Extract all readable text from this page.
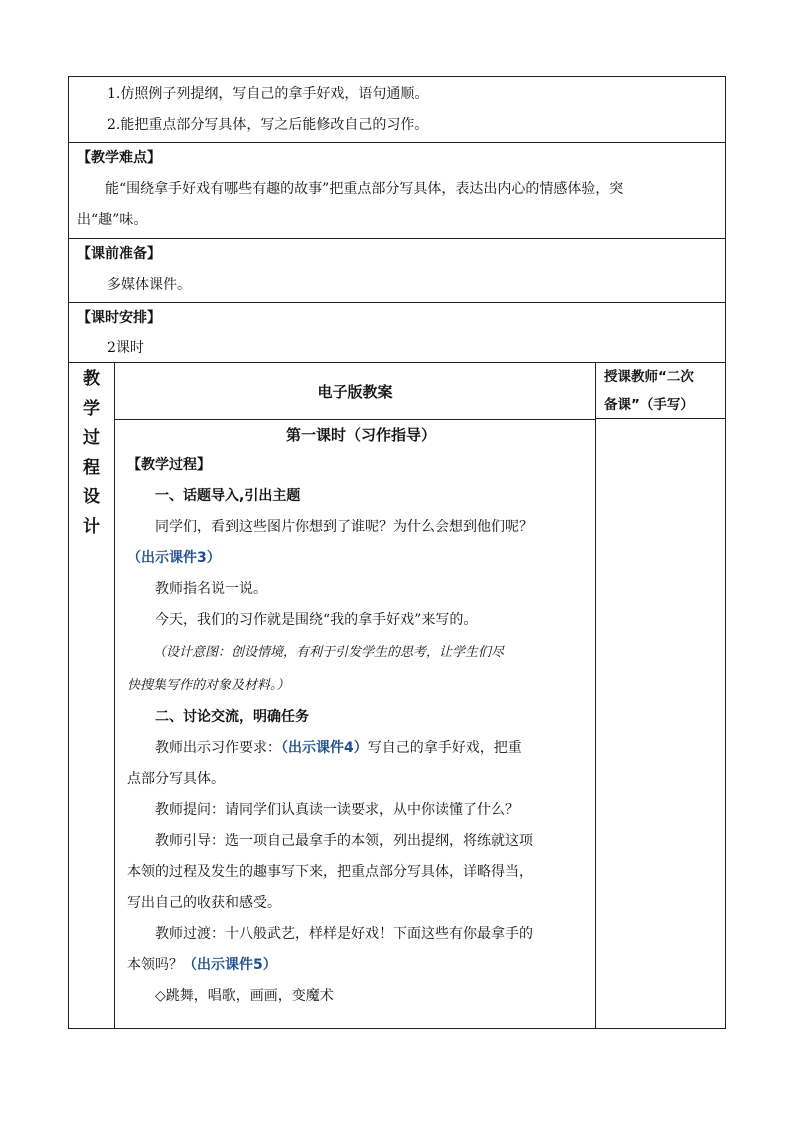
1.仿照例子列提纲，写自己的拿手好戏，语句通顺。
2.能把重点部分写具体，写之后能修改自己的习作。
【教学难点】
能“围绕拿手好戏有哪些有趣的故事”把重点部分写具体，表达出内心的情感体验，突
出“趣”味。
【课前准备】
多媒体课件。
【课时安排】
2课时
教
学
过
程
设
计
电子版教案
第一课时（习作指导）
【教学过程】
一、话题导入,引出主题
同学们，看到这些图片你想到了谁呢？为什么会想到他们呢？
（出示课件3）
教师指名说一说。
今天，我们的习作就是围绕“我的拿手好戏”来写的。
（设计意图：创设情境，有利于引发学生的思考，让学生们尽
快搜集写作的对象及材料。）
二、讨论交流，明确任务
教师出示习作要求：（出示课件4）写自己的拿手好戏，把重
点部分写具体。
教师提问：请同学们认真读一读要求，从中你读懂了什么？
教师引导：选一项自己最拿手的本领，列出提纲，将练就这项
本领的过程及发生的趣事写下来，把重点部分写具体，详略得当，
写出自己的收获和感受。
教师过渡：十八般武艺，样样是好戏！下面这些有你最拿手的
本领吗？（出示课件5）
◇跳舞，唱歌，画画，变魔术
授课教师“二次
备课”（手写）
